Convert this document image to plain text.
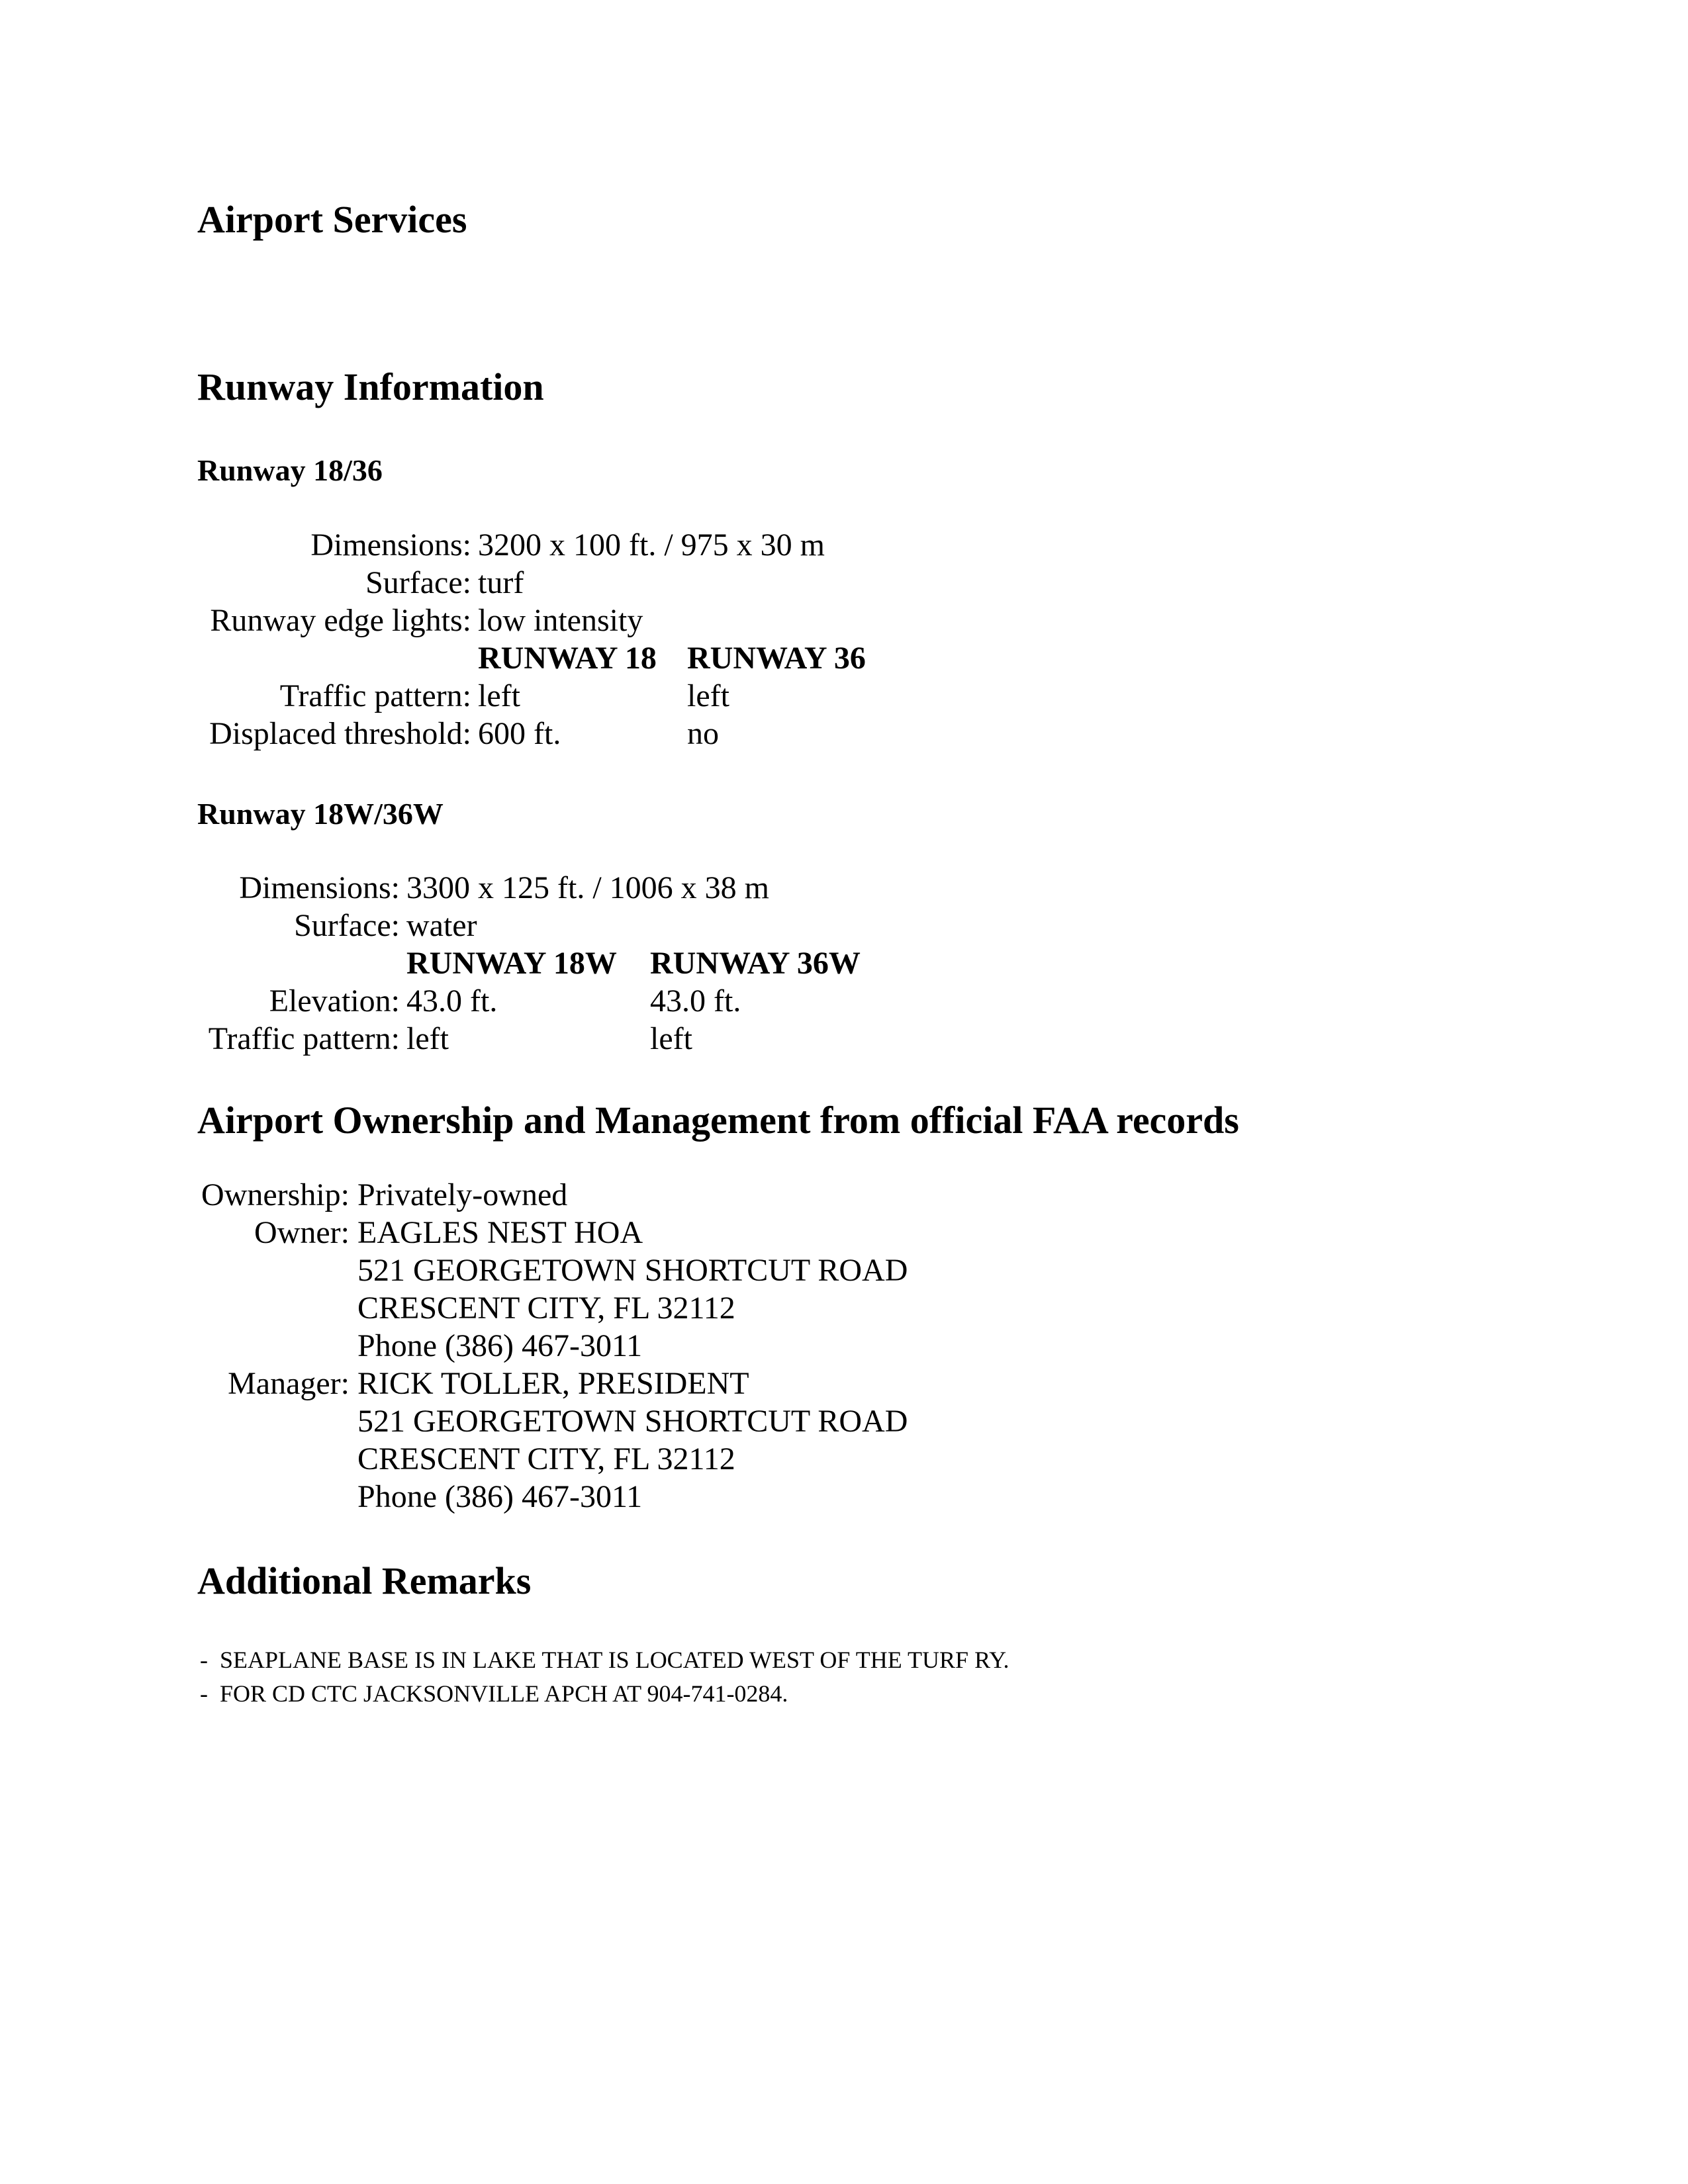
Airport Services
Runway Information
Runway 18/36
Dimensions: 3200 x 100 ft. / 975 x 30 m
Surface: turf
Runway edge lights: low intensity
RUNWAY 18 RUNWAY 36
Traffic pattern: left	left
Displaced threshold: 600 ft.	no
Runway 18W/36W
Dimensions: 3300 x 125 ft. / 1006 x 38 m
Surface: water
RUNWAY 18W RUNWAY 36W
Elevation: 43.0 ft.	43.0 ft.
Traffic pattern: left	left
Airport Ownership and Management from official FAA records
Ownership: Privately-owned
Owner: EAGLES NEST HOA
521 GEORGETOWN SHORTCUT ROAD
CRESCENT CITY, FL 32112
Phone (386) 467-3011
Manager: RICK TOLLER, PRESIDENT
521 GEORGETOWN SHORTCUT ROAD
CRESCENT CITY, FL 32112
Phone (386) 467-3011
Additional Remarks
- SEAPLANE BASE IS IN LAKE THAT IS LOCATED WEST OF THE TURF RY.
- FOR CD CTC JACKSONVILLE APCH AT 904-741-0284.
